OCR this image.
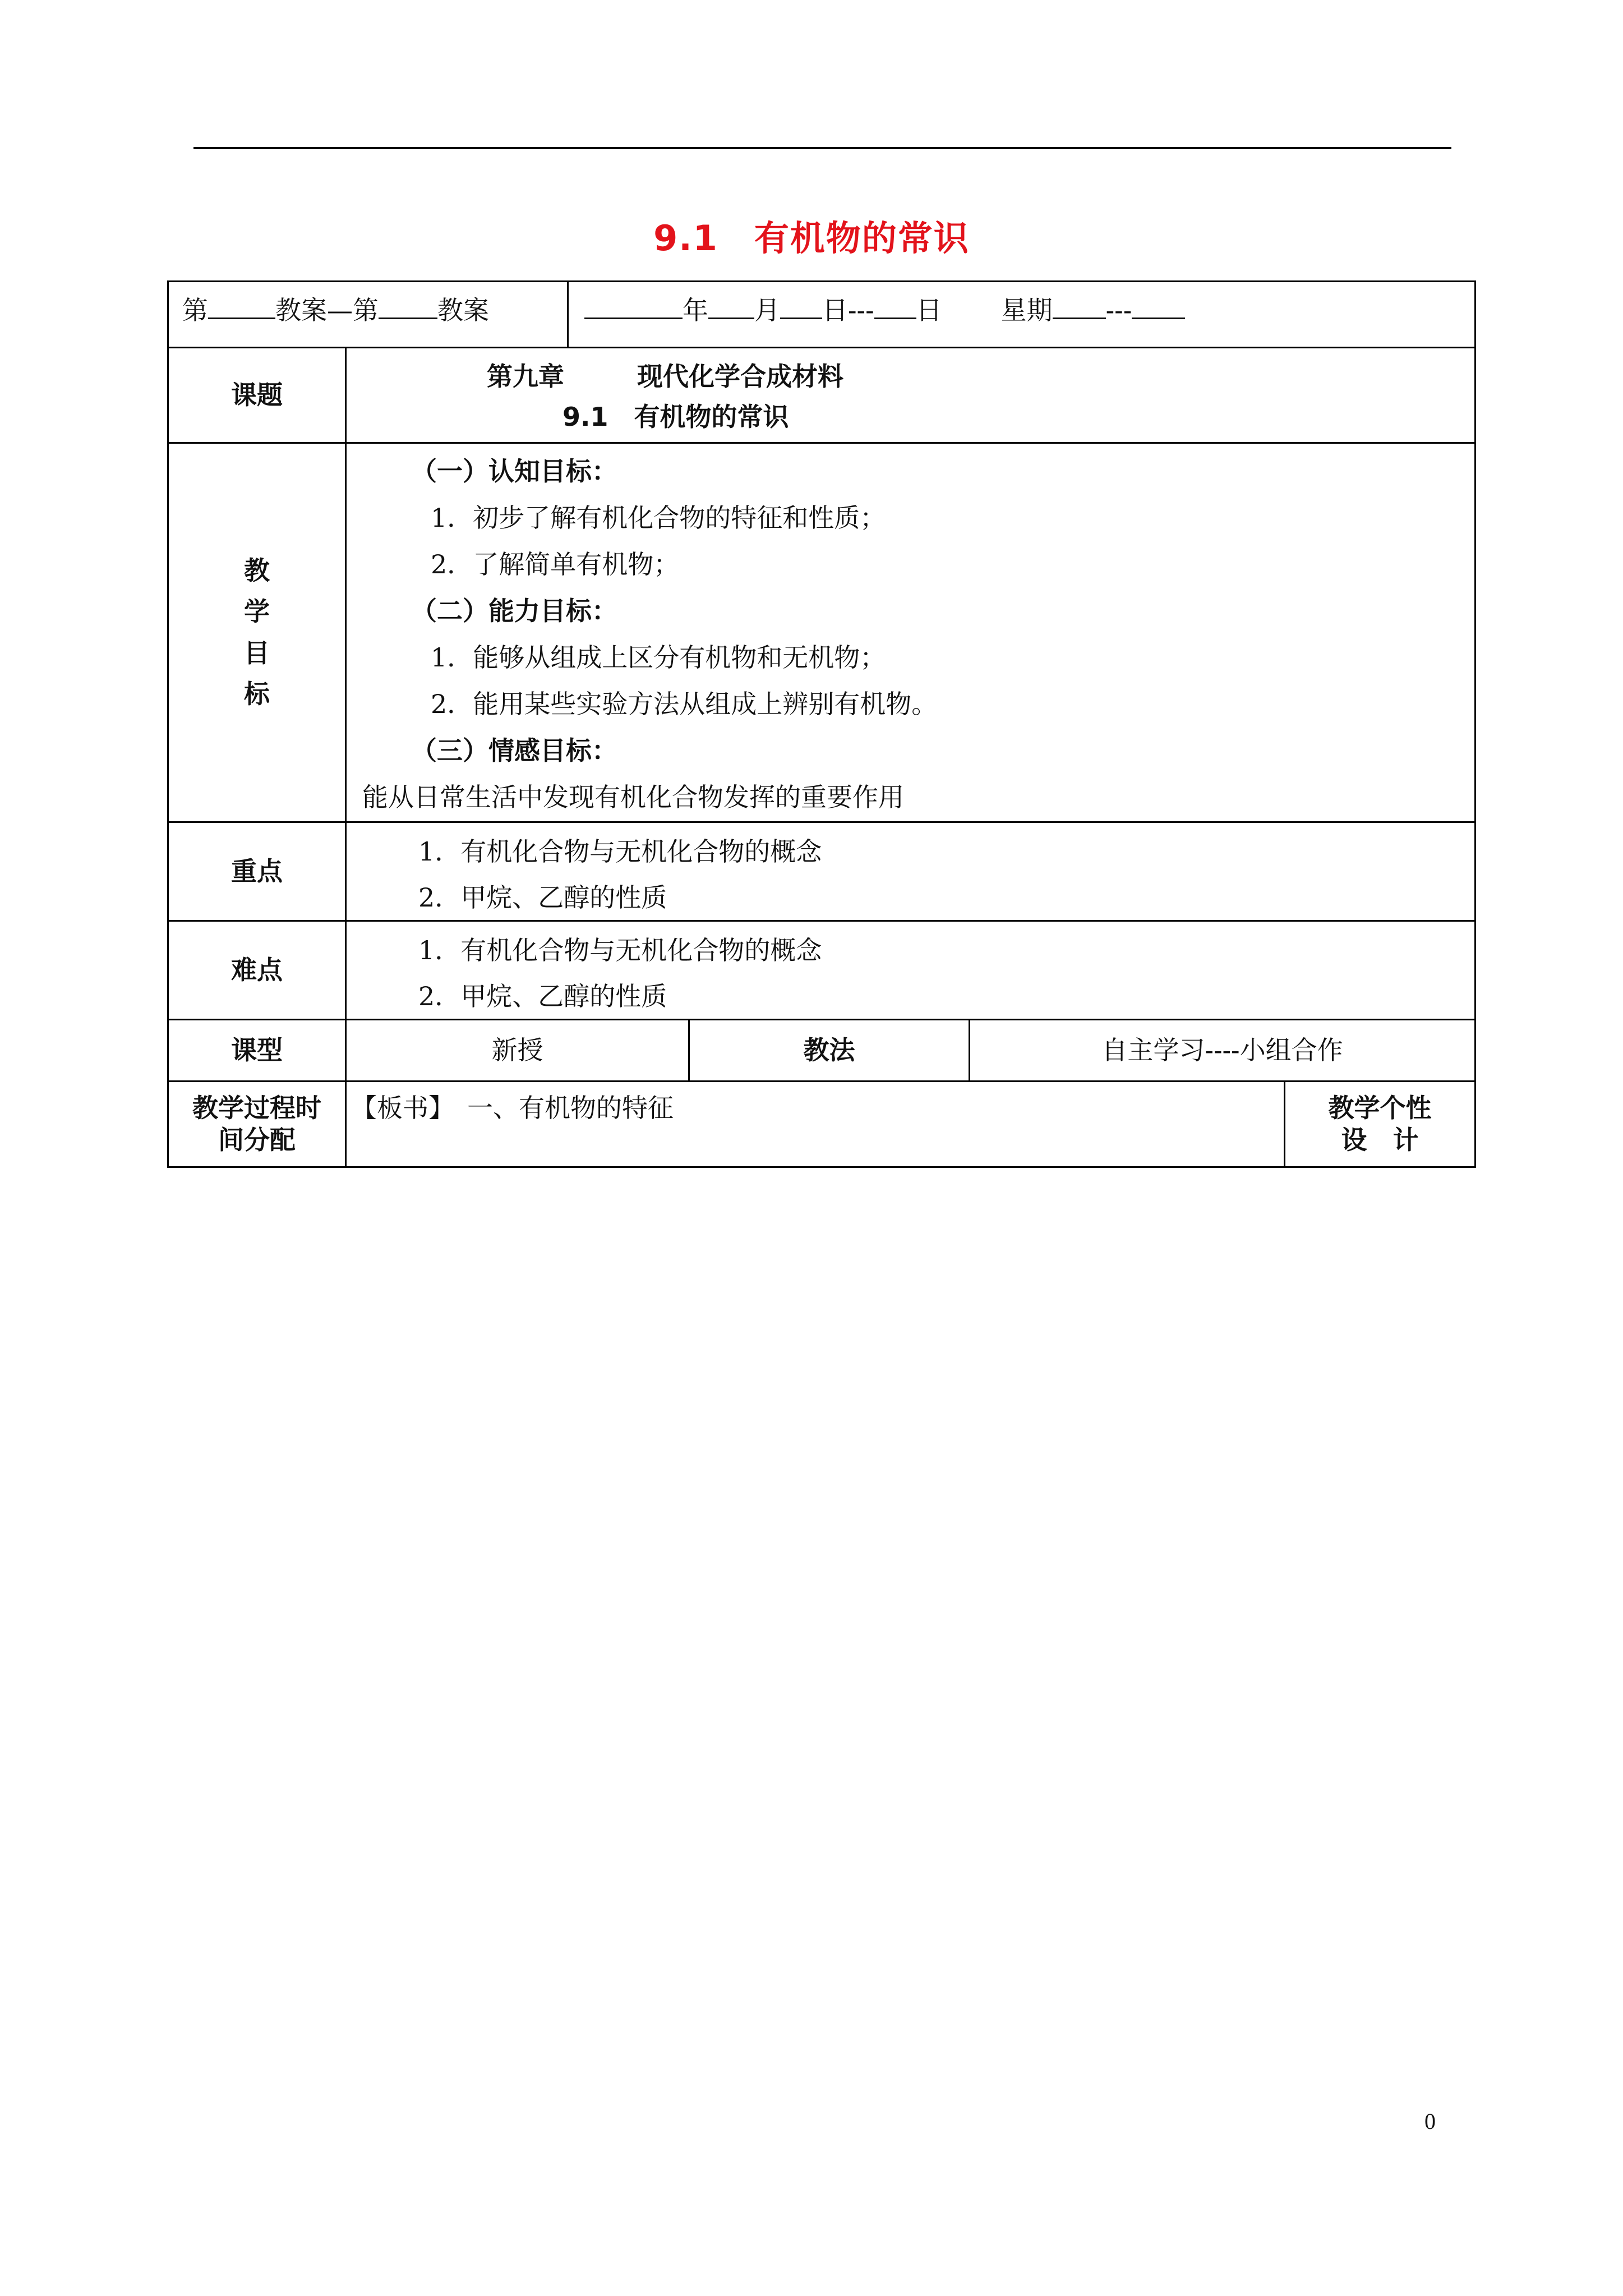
9.1　有机物的常识
第	教案—第 教案	年 月 日--- 日 星期 ---
课题
第九章	现代化学合成材料
9.1　有机物的常识
教
学
目
标
（一）认知目标：
1．初步了解有机化合物的特征和性质；
2．了解简单有机物；
（二）能力目标：
1．能够从组成上区分有机物和无机物；
2．能用某些实验方法从组成上辨别有机物。
（三）情感目标：
能从日常生活中发现有机化合物发挥的重要作用
重点
1．有机化合物与无机化合物的概念
2．甲烷、乙醇的性质
难点
1．有机化合物与无机化合物的概念
2．甲烷、乙醇的性质
课型	新授	教法	自主学习----小组合作
教学过程时
间分配
【板书】　一、有机物的特征	教学个性
设　计
0
